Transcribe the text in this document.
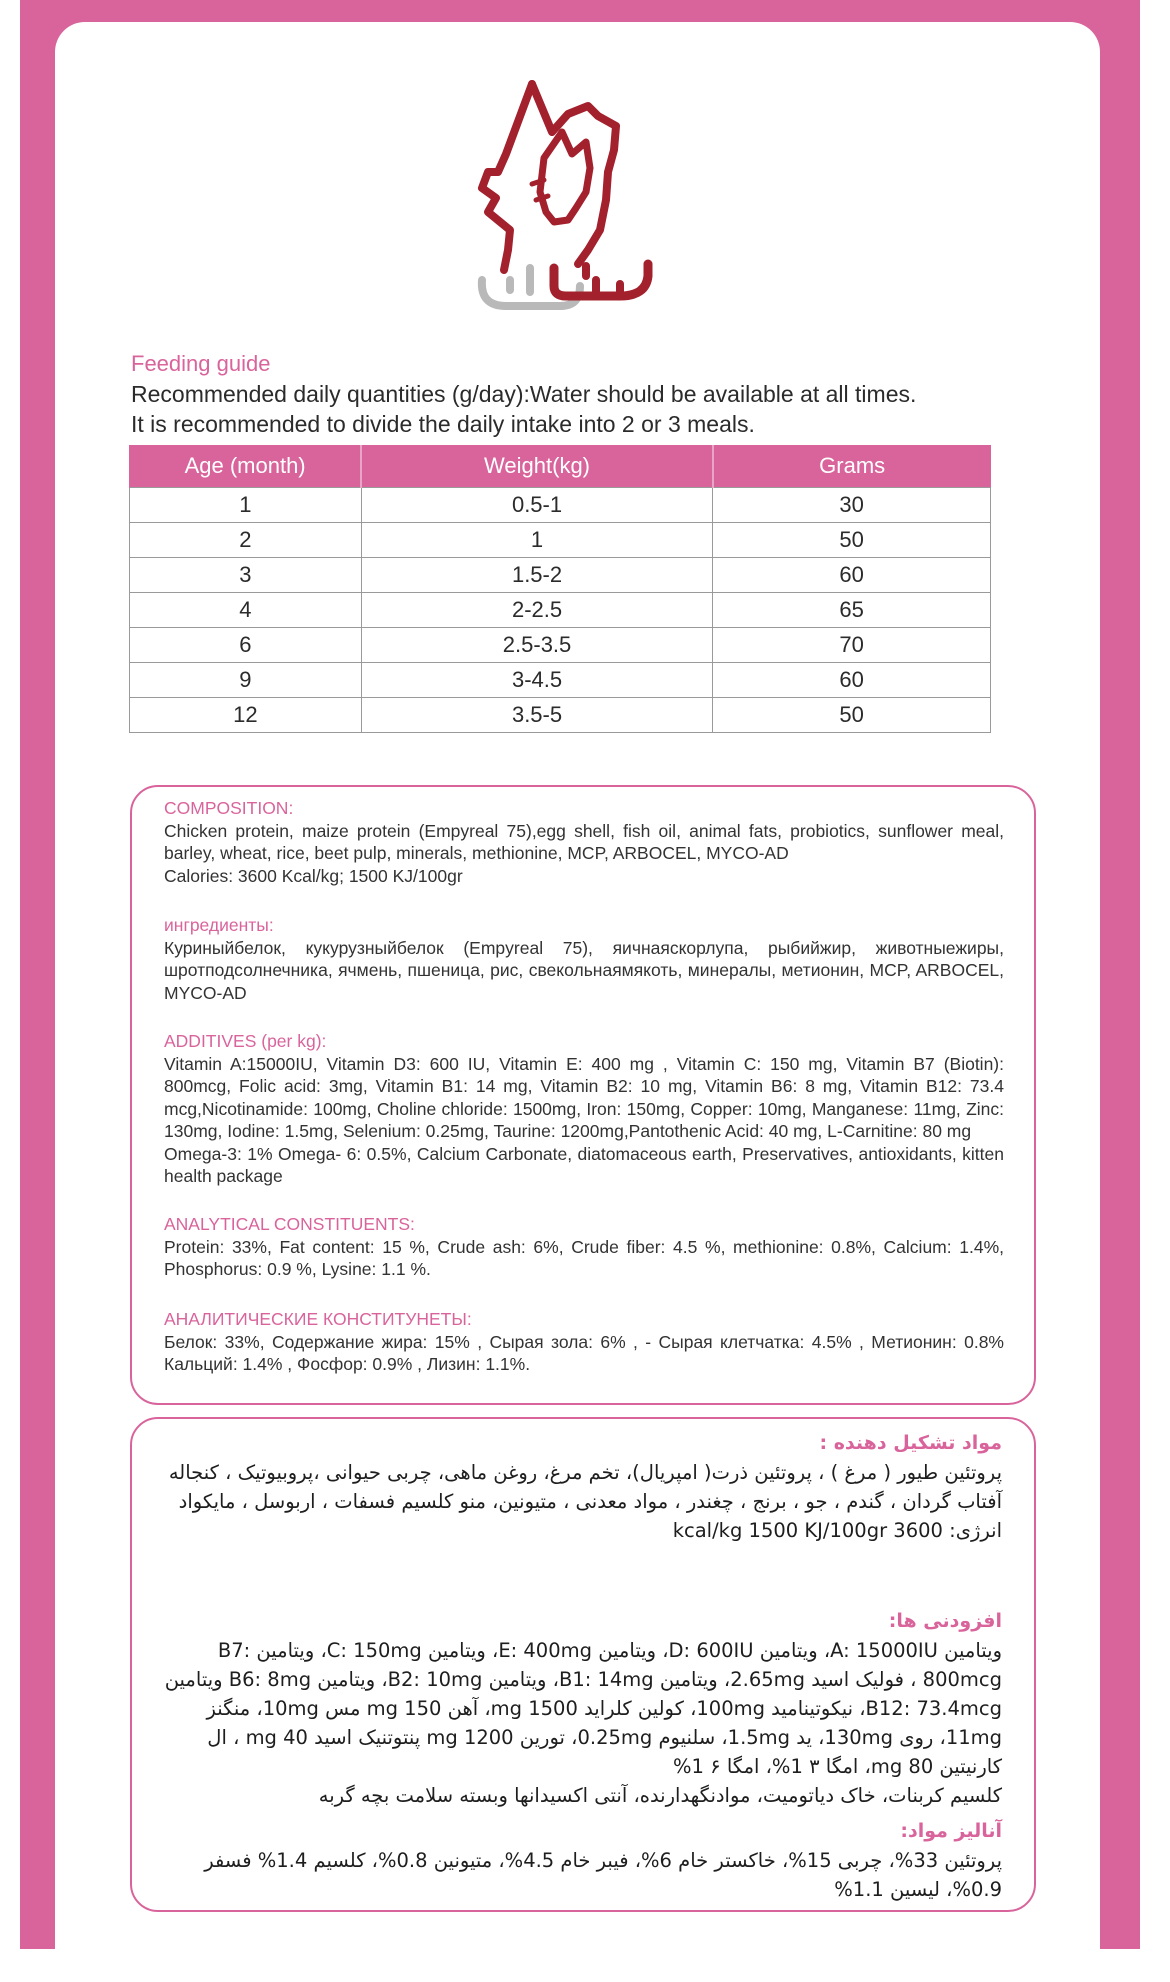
Feeding guide
Recommended daily quantities (g/day):Water should be available at all times.
It is recommended to divide the daily intake into 2 or 3 meals.
Age (month)	Weight(kg)	Grams
1	0.5-1	30
2	1	50
3	1.5-2	60
4	2-2.5	65
6	2.5-3.5	70
9	3-4.5	60
12	3.5-5	50
COMPOSITION:
Chicken protein, maize protein (Empyreal 75),egg shell, fish oil, animal fats, probiotics, sunflower meal, barley, wheat, rice, beet pulp, minerals, methionine, MCP, ARBOCEL, MYCO-AD
Calories: 3600 Kcal/kg; 1500 KJ/100gr
ингредиенты:
Куриныйбелок, кукурузныйбелок (Empyreal 75), яичнаяскорлупа, рыбийжир, животныежиры, шротподсолнечника, ячмень, пшеница, рис, свекольнаямякоть, минералы, метионин, MCP, ARBOCEL, MYCO-AD
ADDITIVES (per kg):
Vitamin A:15000IU, Vitamin D3: 600 IU, Vitamin E: 400 mg , Vitamin C: 150 mg, Vitamin B7 (Biotin): 800mcg, Folic acid: 3mg, Vitamin B1: 14 mg, Vitamin B2: 10 mg, Vitamin B6: 8 mg, Vitamin B12: 73.4 mcg,Nicotinamide: 100mg, Choline chloride: 1500mg, Iron: 150mg, Copper: 10mg, Manganese: 11mg, Zinc: 130mg, Iodine: 1.5mg, Selenium: 0.25mg, Taurine: 1200mg,Pantothenic Acid: 40 mg, L-Carnitine: 80 mg
Omega-3: 1% Omega- 6: 0.5%, Calcium Carbonate, diatomaceous earth, Preservatives, antioxidants, kitten health package
ANALYTICAL CONSTITUENTS:
Protein: 33%, Fat content: 15 %, Crude ash: 6%, Crude fiber: 4.5 %, methionine: 0.8%, Calcium: 1.4%, Phosphorus: 0.9 %, Lysine: 1.1 %.
АНАЛИТИЧЕСКИЕ КОНСТИТУНЕТЫ:
Белок: 33%, Содержание жира: 15% , Сырая зола: 6% , - Сырая клетчатка: 4.5% , Метионин: 0.8% Кальций: 1.4% , Фосфор: 0.9% , Лизин: 1.1%.
مواد تشکیل دهنده :
پروتئین طیور ( مرغ ) ، پروتئین ذرت( امپریال)، تخم مرغ، روغن ماهی، چربی حیوانی ،پروبیوتیک ، کنجاله آفتاب گردان ، گندم ، جو ، برنج ، چغندر ، مواد معدنی ، متیونین، منو کلسیم فسفات ، اربوسل ، مایکواد
انرژی: 3600 kcal/kg 1500 KJ/100gr
افزودنی ها:
ویتامین A: 15000IU، ویتامین D: 600IU، ویتامین E: 400mg، ویتامین C: 150mg، ویتامین B7: 800mcg ، فولیک اسید 2.65mg، ویتامین B1: 14mg، ویتامین B2: 10mg، ویتامین B6: 8mg ویتامین B12: 73.4mcg، نیکوتینامید 100mg، کولین کلراید 1500 mg، آهن 150 mg مس 10mg، منگنز 11mg، روی 130mg، ید 1.5mg، سلنیوم 0.25mg، تورین 1200 mg پنتوتنیک اسید 40 mg ، ال کارنیتین 80 mg، امگا ۳ 1%، امگا ۶ 1%
کلسیم کربنات، خاک دیاتومیت، موادنگهدارنده، آنتی اکسیدانها وبسته سلامت بچه گربه
آنالیز مواد:
پروتئین 33%، چربی 15%، خاکستر خام 6%، فیبر خام 4.5%، متیونین 0.8%، کلسیم 1.4% فسفر 0.9%، لیسین 1.1%
